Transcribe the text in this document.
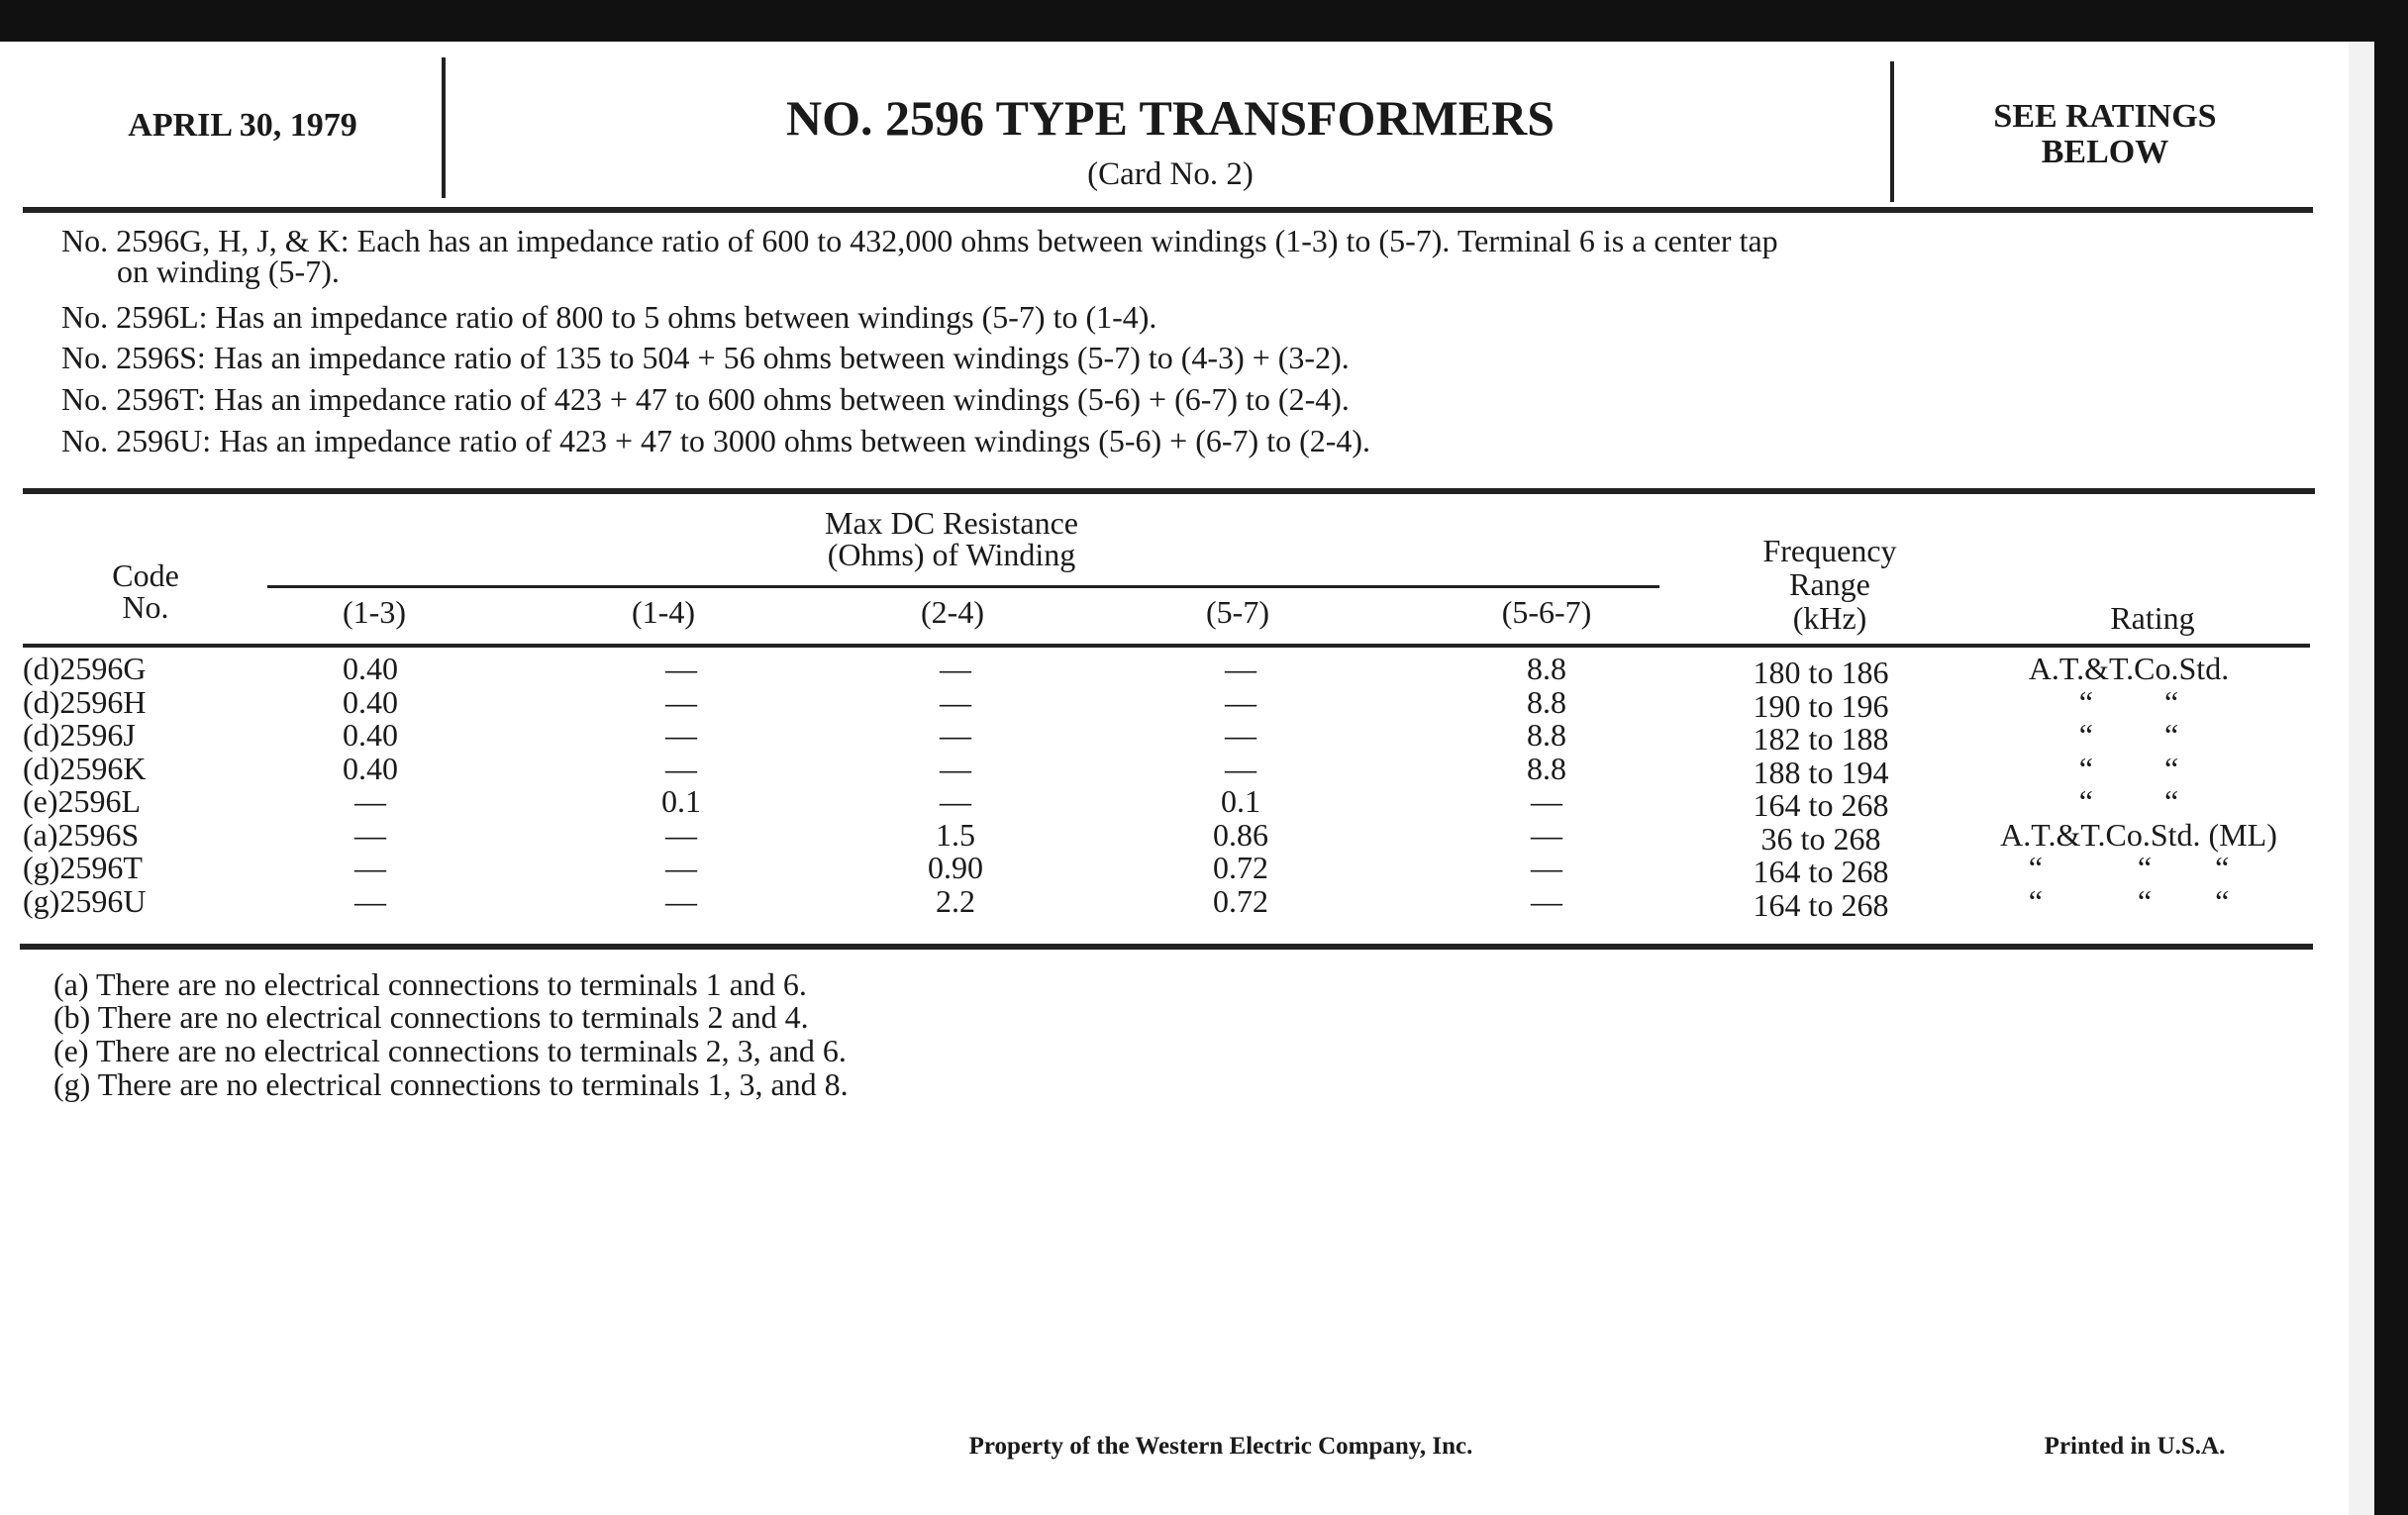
APRIL 30, 1979	NO. 2596 TYPE TRANSFORMERS
(Card No. 2)
SEE RATINGS
BELOW
No. 2596G, H, J, & K: Each has an impedance ratio of 600 to 432,000 ohms between windings (1-3) to (5-7). Terminal 6 is a center tap
on winding (5-7).
No. 2596L: Has an impedance ratio of 800 to 5 ohms between windings (5-7) to (1-4).
No. 2596S: Has an impedance ratio of 135 to 504 + 56 ohms between windings (5-7) to (4-3) + (3-2).
No. 2596T: Has an impedance ratio of 423 + 47 to 600 ohms between windings (5-6) + (6-7) to (2-4).
No. 2596U: Has an impedance ratio of 423 + 47 to 3000 ohms between windings (5-6) + (6-7) to (2-4).
Code
No.
Max DC Resistance
(Ohms) of Winding
(1-3)	(1-4)	(2-4)	(5-7)	(5-6-7)
Frequency
Range
(kHz)	Rating
(d)2596G	0.40	—	—	—	8.8	180 to 186	A.T.&T.Co.Std.
(d)2596H	0.40	—	—	—	8.8	190 to 196	“         “
(d)2596J	0.40	—	—	—	8.8	182 to 188	“         “
(d)2596K	0.40	—	—	—	8.8	188 to 194	“         “
(e)2596L	—	0.1	—	0.1	—	164 to 268	“         “
(a)2596S	—	—	1.5	0.86	—	36 to 268	A.T.&T.Co.Std. (ML)
(g)2596T	—	—	0.90	0.72	—	164 to 268	“            “        “
(g)2596U	—	—	2.2	0.72	—	164 to 268	“            “        “
(a) There are no electrical connections to terminals 1 and 6.
(b) There are no electrical connections to terminals 2 and 4.
(e) There are no electrical connections to terminals 2, 3, and 6.
(g) There are no electrical connections to terminals 1, 3, and 8.
Property of the Western Electric Company, Inc.	Printed in U.S.A.
